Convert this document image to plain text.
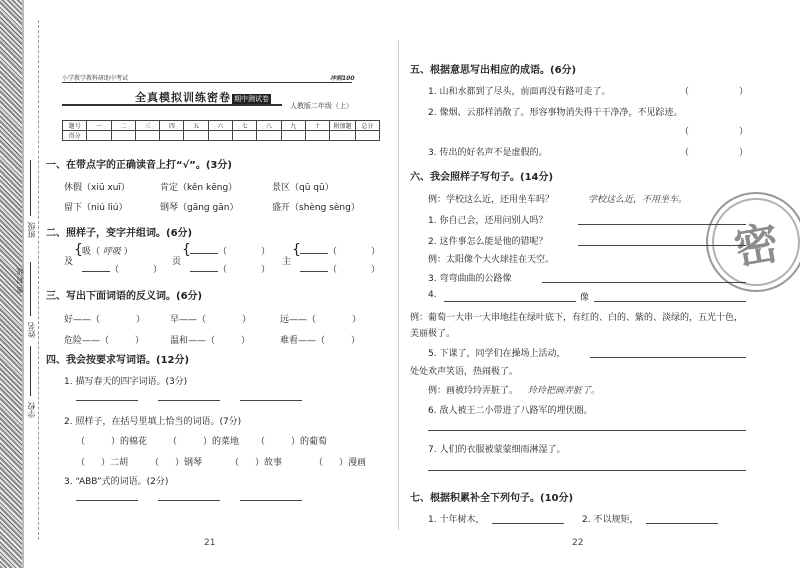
班级
密 封 线
姓名
学校
小学教学教科研助中考试	冲刺100
全真模拟训练密卷 期中测试卷
人教版二年级（上）
题号	一	二	三	四	五	六	七	八	九	十	附加题	总分
得分												
一、在带点字的正确读音上打“√”。(3分)
休假（xiū xuī）	肯定（kěn kēng）	景区（qū qū）
留下（niú liú）	钢琴（gāng gān）	盛开（shèng sèng）
二、照样子，变字并组词。(6分)
及
{ 吸（ 呼吸 ）
（	）
贡
{	（	）
（	）
主
{	（	）
（	）
三、写出下面词语的反义词。(6分)
好——（	）	早——（	）	远——（	）
危险——（	）	温和——（	）	难看——（	）
四、我会按要求写词语。(12分)
1. 描写春天的四字词语。(3分)
2. 照样子，在括号里填上恰当的词语。(7分)
（	）的棉花 （	）的菜地 （	）的葡萄
（ ）二胡 （ ）钢琴	（ ）故事	（ ）漫画
3. “ABB”式的词语。(2分)
21
密
五、根据意思写出相应的成语。(6分)
1. 山和水都到了尽头，前面再没有路可走了。	（	）
2. 像烟、云那样消散了。形容事物消失得干干净净，不见踪迹。
（	）
3. 传出的好名声不是虚假的。	（	）
六、我会照样子写句子。(14分)
例：学校这么近，还用坐车吗？	学校这么近，不用坐车。
1. 你自己会，还用问别人吗？
2. 这件事怎么能是他的错呢？
例：太阳像个大火球挂在天空。
3. 弯弯曲曲的公路像
4.	像
例：葡萄一大串一大串地挂在绿叶底下，有红的、白的、紫的、淡绿的，五光十色，美丽极了。
5. 下课了，同学们在操场上活动，
处处欢声笑语，热闹极了。
例：画被玲玲弄脏了。 玲玲把画弄脏了。
6. 敌人被王二小带进了八路军的埋伏圈。
7. 人们的衣服被蒙蒙细雨淋湿了。
七、根据积累补全下列句子。(10分)
1. 十年树木，	2. 不以规矩，
22
